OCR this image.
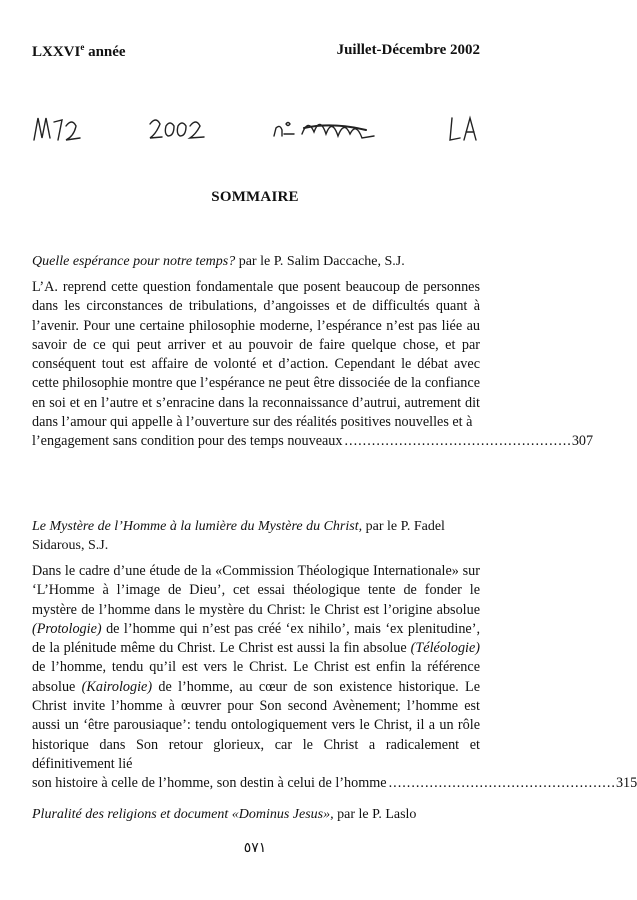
LXXVIe année	Juillet-Décembre 2002
SOMMAIRE
Quelle espérance pour notre temps? par le P. Salim Daccache, S.J.
L’A. reprend cette question fondamentale que posent beaucoup de personnes dans les circonstances de tribulations, d’angoisses et de difficultés quant à l’avenir. Pour une certaine philosophie moderne, l’espérance n’est pas liée au savoir de ce qui peut arriver et au pouvoir de faire quelque chose, et par conséquent tout est affaire de volonté et d’action. Cependant le débat avec cette philosophie montre que l’espérance ne peut être dissociée de la confiance en soi et en l’autre et s’enracine dans la reconnaissance d’autrui, autrement dit dans l’amour qui appelle à l’ouverture sur des réalités positives nouvelles et à
l’engagement sans condition pour des temps nouveaux .................................................. 307
Le Mystère de l’Homme à la lumière du Mystère du Christ, par le P. Fadel Sidarous, S.J.
Dans le cadre d’une étude de la «Commission Théologique Internationale» sur ‘L’Homme à l’image de Dieu’, cet essai théologique tente de fonder le mystère de l’homme dans le mystère du Christ: le Christ est l’origine absolue (Protologie) de l’homme qui n’est pas créé ‘ex nihilo’, mais ‘ex plenitudine’, de la plénitude même du Christ. Le Christ est aussi la fin absolue (Téléologie) de l’homme, tendu qu’il est vers le Christ. Le Christ est enfin la référence absolue (Kairologie) de l’homme, au cœur de son existence historique. Le Christ invite l’homme à œuvrer pour Son second Avènement; l’homme est aussi un ‘être parousiaque’: tendu ontologiquement vers le Christ, il a un rôle historique dans Son retour glorieux, car le Christ a radicalement et définitivement lié
son histoire à celle de l’homme, son destin à celui de l’homme .................................................. 315
Pluralité des religions et document «Dominus Jesus», par le P. Laslo
٥٧١
